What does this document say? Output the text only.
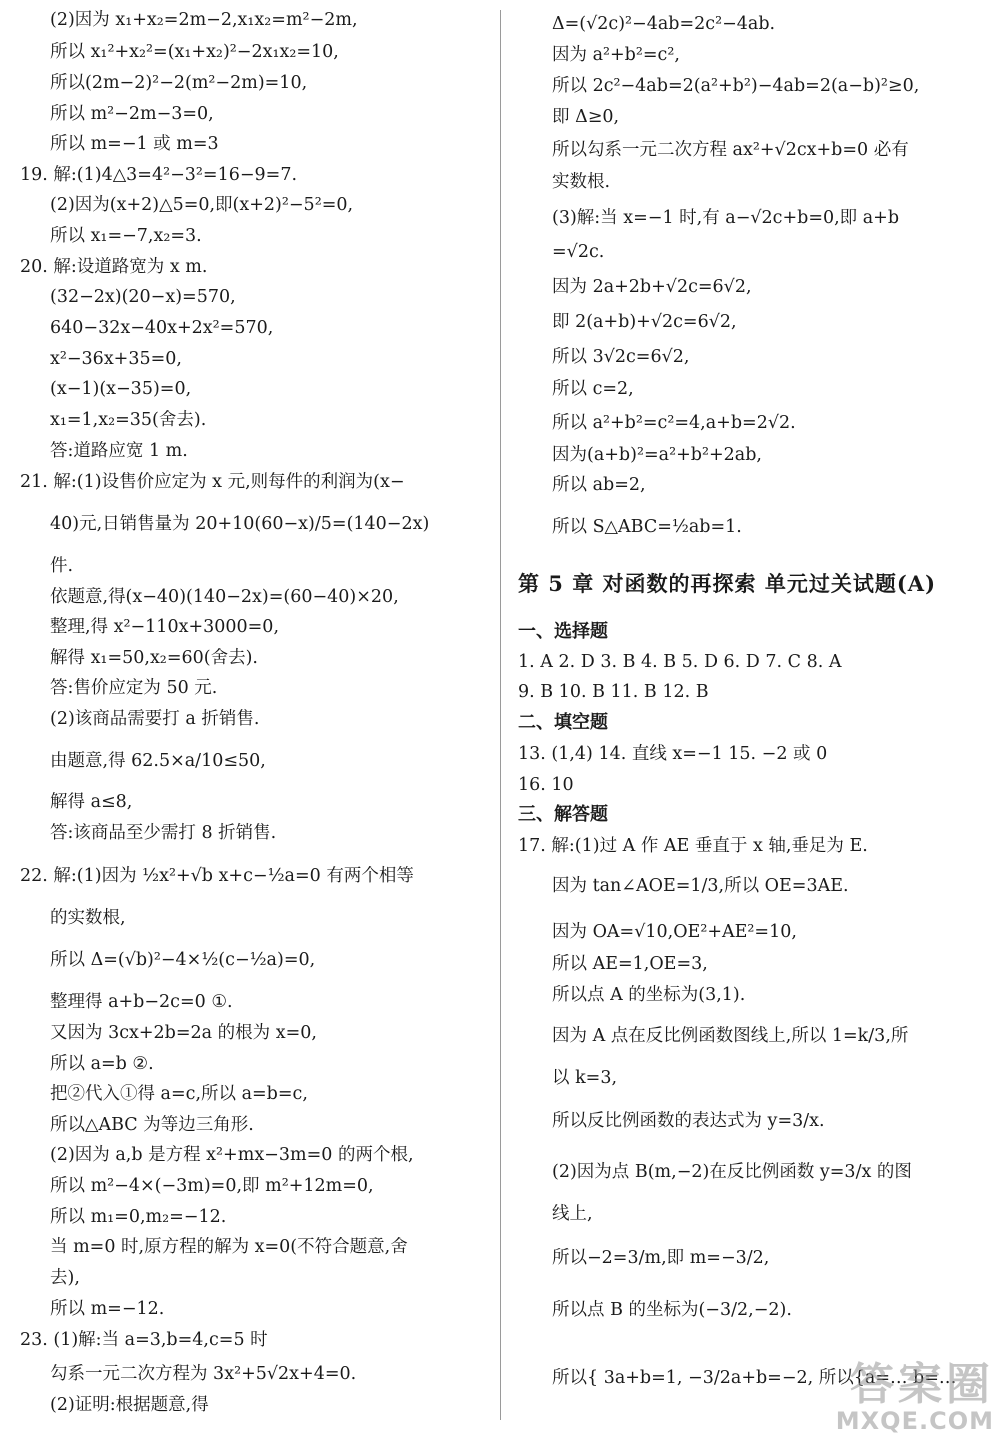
(2)因为 x₁+x₂=2m−2,x₁x₂=m²−2m,
所以 x₁²+x₂²=(x₁+x₂)²−2x₁x₂=10,
所以(2m−2)²−2(m²−2m)=10,
所以 m²−2m−3=0,
所以 m=−1 或 m=3
19. 解:(1)4△3=4²−3²=16−9=7.
(2)因为(x+2)△5=0,即(x+2)²−5²=0,
所以 x₁=−7,x₂=3.
20. 解:设道路宽为 x m.
(32−2x)(20−x)=570,
640−32x−40x+2x²=570,
x²−36x+35=0,
(x−1)(x−35)=0,
x₁=1,x₂=35(舍去).
答:道路应宽 1 m.
21. 解:(1)设售价应定为 x 元,则每件的利润为(x−
40)元,日销售量为 20+10(60−x)/5=(140−2x)
件.
依题意,得(x−40)(140−2x)=(60−40)×20,
整理,得 x²−110x+3000=0,
解得 x₁=50,x₂=60(舍去).
答:售价应定为 50 元.
(2)该商品需要打 a 折销售.
由题意,得 62.5×a/10≤50,
解得 a≤8,
答:该商品至少需打 8 折销售.
22. 解:(1)因为 ½x²+√b x+c−½a=0 有两个相等
的实数根,
所以 Δ=(√b)²−4×½(c−½a)=0,
整理得 a+b−2c=0 ①.
又因为 3cx+2b=2a 的根为 x=0,
所以 a=b ②.
把②代入①得 a=c,所以 a=b=c,
所以△ABC 为等边三角形.
(2)因为 a,b 是方程 x²+mx−3m=0 的两个根,
所以 m²−4×(−3m)=0,即 m²+12m=0,
所以 m₁=0,m₂=−12.
当 m=0 时,原方程的解为 x=0(不符合题意,舍
去),
所以 m=−12.
23. (1)解:当 a=3,b=4,c=5 时
勾系一元二次方程为 3x²+5√2x+4=0.
(2)证明:根据题意,得
Δ=(√2c)²−4ab=2c²−4ab.
因为 a²+b²=c²,
所以 2c²−4ab=2(a²+b²)−4ab=2(a−b)²≥0,
即 Δ≥0,
所以勾系一元二次方程 ax²+√2cx+b=0 必有
实数根.
(3)解:当 x=−1 时,有 a−√2c+b=0,即 a+b
=√2c.
因为 2a+2b+√2c=6√2,
即 2(a+b)+√2c=6√2,
所以 3√2c=6√2,
所以 c=2,
所以 a²+b²=c²=4,a+b=2√2.
因为(a+b)²=a²+b²+2ab,
所以 ab=2,
所以 S△ABC=½ab=1.
第 5 章 对函数的再探索 单元过关试题(A)
一、选择题
1. A 2. D 3. B 4. B 5. D 6. D 7. C 8. A
9. B 10. B 11. B 12. B
二、填空题
13. (1,4) 14. 直线 x=−1 15. −2 或 0
16. 10
三、解答题
17. 解:(1)过 A 作 AE 垂直于 x 轴,垂足为 E.
因为 tan∠AOE=1/3,所以 OE=3AE.
因为 OA=√10,OE²+AE²=10,
所以 AE=1,OE=3,
所以点 A 的坐标为(3,1).
因为 A 点在反比例函数图线上,所以 1=k/3,所
以 k=3,
所以反比例函数的表达式为 y=3/x.
(2)因为点 B(m,−2)在反比例函数 y=3/x 的图
线上,
所以−2=3/m,即 m=−3/2,
所以点 B 的坐标为(−3/2,−2).
所以{ 3a+b=1, −3/2a+b=−2, 所以{a=… b=…
答案圈
MXQE.COM
